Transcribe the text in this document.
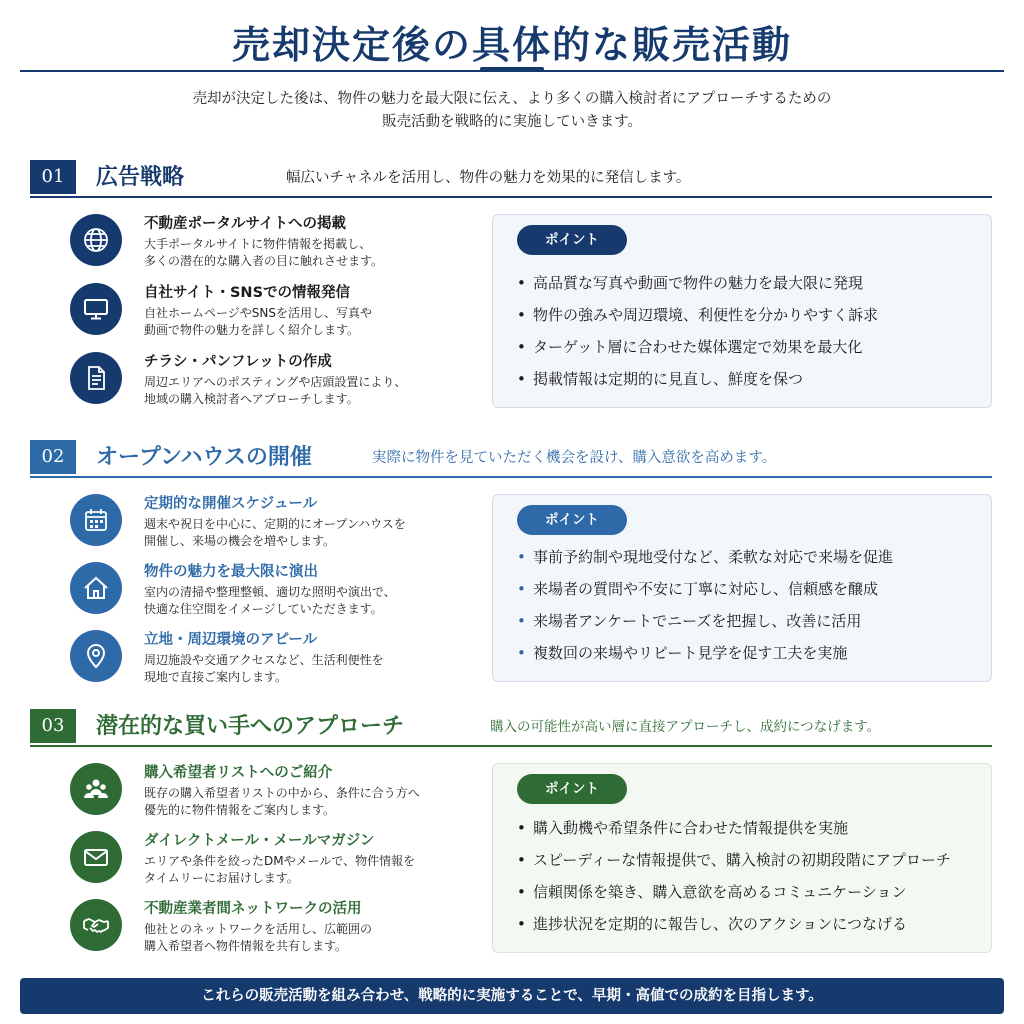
売却決定後の具体的な販売活動
売却が決定した後は、物件の魅力を最大限に伝え、より多くの購入検討者にアプローチするための
販売活動を戦略的に実施していきます。
01	広告戦略	幅広いチャネルを活用し、物件の魅力を効果的に発信します。
不動産ポータルサイトへの掲載
大手ポータルサイトに物件情報を掲載し、
多くの潜在的な購入者の目に触れさせます。
自社サイト・SNSでの情報発信
自社ホームページやSNSを活用し、写真や
動画で物件の魅力を詳しく紹介します。
チラシ・パンフレットの作成
周辺エリアへのポスティングや店頭設置により、
地域の購入検討者へアプローチします。
ポイント
• 高品質な写真や動画で物件の魅力を最大限に発現
• 物件の強みや周辺環境、利便性を分かりやすく訴求
• ターゲット層に合わせた媒体選定で効果を最大化
• 掲載情報は定期的に見直し、鮮度を保つ
02	オープンハウスの開催	実際に物件を見ていただく機会を設け、購入意欲を高めます。
定期的な開催スケジュール
週末や祝日を中心に、定期的にオープンハウスを
開催し、来場の機会を増やします。
物件の魅力を最大限に演出
室内の清掃や整理整頓、適切な照明や演出で、
快適な住空間をイメージしていただきます。
立地・周辺環境のアピール
周辺施設や交通アクセスなど、生活利便性を
現地で直接ご案内します。
ポイント
• 事前予約制や現地受付など、柔軟な対応で来場を促進
• 来場者の質問や不安に丁寧に対応し、信頼感を醸成
• 来場者アンケートでニーズを把握し、改善に活用
• 複数回の来場やリピート見学を促す工夫を実施
03	潜在的な買い手へのアプローチ	購入の可能性が高い層に直接アプローチし、成約につなげます。
購入希望者リストへのご紹介
既存の購入希望者リストの中から、条件に合う方へ
優先的に物件情報をご案内します。
ダイレクトメール・メールマガジン
エリアや条件を絞ったDMやメールで、物件情報を
タイムリーにお届けします。
不動産業者間ネットワークの活用
他社とのネットワークを活用し、広範囲の
購入希望者へ物件情報を共有します。
ポイント
• 購入動機や希望条件に合わせた情報提供を実施
• スピーディーな情報提供で、購入検討の初期段階にアプローチ
• 信頼関係を築き、購入意欲を高めるコミュニケーション
• 進捗状況を定期的に報告し、次のアクションにつなげる
これらの販売活動を組み合わせ、戦略的に実施することで、早期・高値での成約を目指します。
